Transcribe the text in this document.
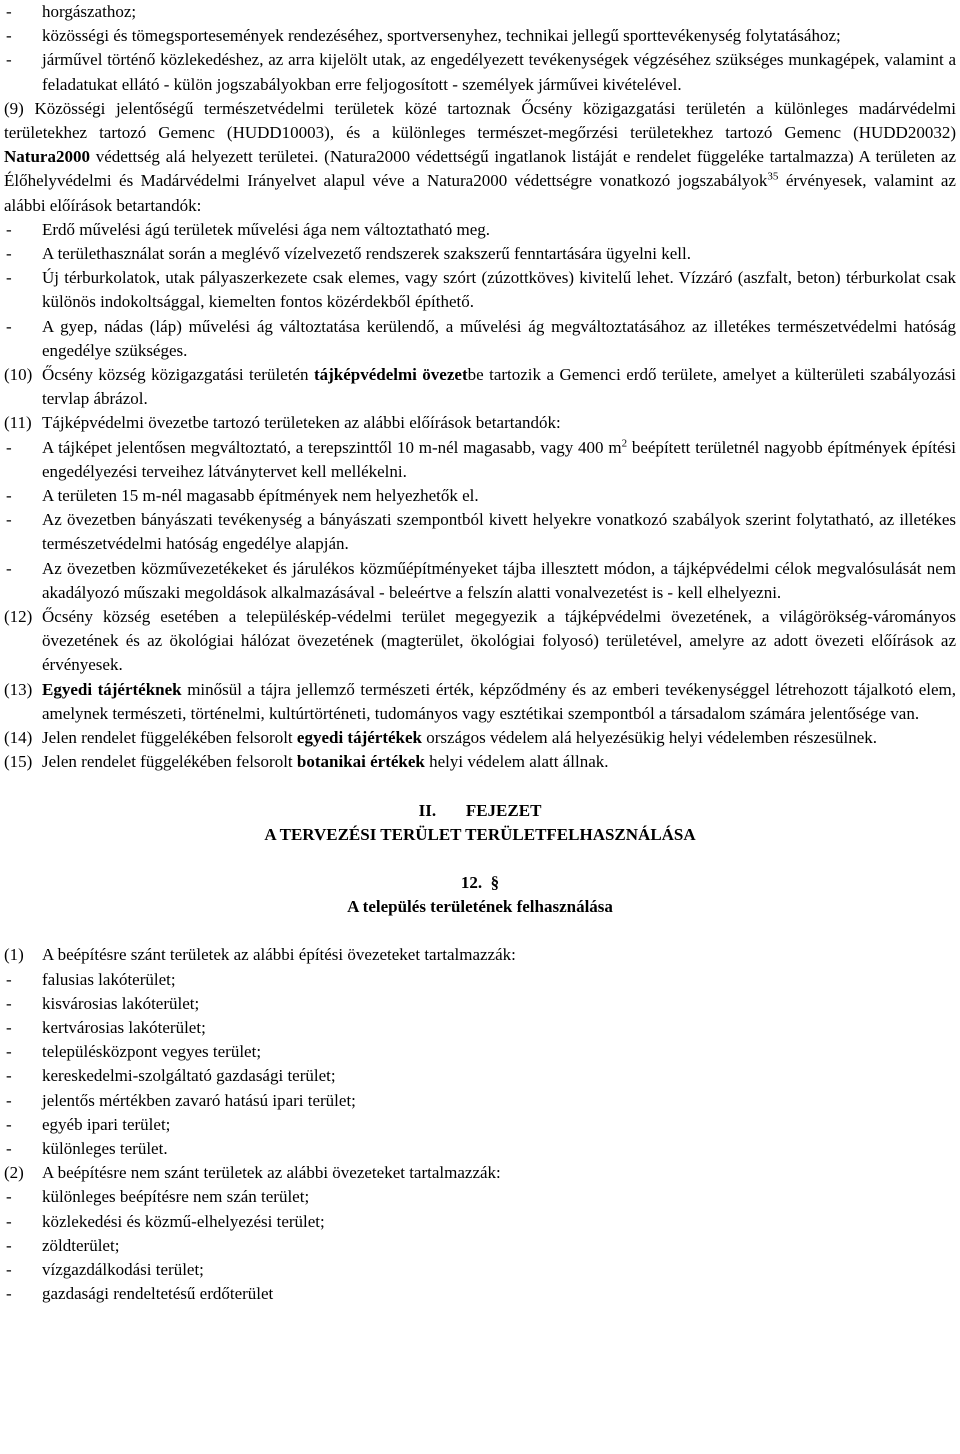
-	horgászathoz;
-	közösségi és tömegsportesemények rendezéséhez, sportversenyhez, technikai jellegű sporttevékenység folytatásához;
-	járművel történő közlekedéshez, az arra kijelölt utak, az engedélyezett tevékenységek végzéséhez szükséges munkagépek, valamint a feladatukat ellátó - külön jogszabályokban erre feljogosított - személyek járművei kivételével.
(9) Közösségi jelentőségű természetvédelmi területek közé tartoznak Őcsény közigazgatási területén a különleges madárvédelmi területekhez tartozó Gemenc (HUDD10003), és a különleges természet-megőrzési területekhez tartozó Gemenc (HUDD20032) Natura2000 védettség alá helyezett területei. (Natura2000 védettségű ingatlanok listáját e rendelet függeléke tartalmazza) A területen az Élőhelyvédelmi és Madárvédelmi Irányelvet alapul véve a Natura2000 védettségre vonatkozó jogszabályok$^{35}$ érvényesek, valamint az alábbi előírások betartandók:
-	Erdő művelési ágú területek művelési ága nem változtatható meg.
-	A területhasználat során a meglévő vízelvezető rendszerek szakszerű fenntartására ügyelni kell.
-	Új térburkolatok, utak pályaszerkezete csak elemes, vagy szórt (zúzottköves) kivitelű lehet. Vízzáró (aszfalt, beton) térburkolat csak különös indokoltsággal, kiemelten fontos közérdekből építhető.
-	A gyep, nádas (láp) művelési ág változtatása kerülendő, a művelési ág megváltoztatásához az illetékes természetvédelmi hatóság engedélye szükséges.
(10) Őcsény község közigazgatási területén tájképvédelmi övezetbe tartozik a Gemenci erdő területe, amelyet a külterületi szabályozási tervlap ábrázol.
(11) Tájképvédelmi övezetbe tartozó területeken az alábbi előírások betartandók:
-	A tájképet jelentősen megváltoztató, a terepszinttől 10 m-nél magasabb, vagy 400 $m^2$ beépített területnél nagyobb építmények építési engedélyezési terveihez látványtervet kell mellékelni.
-	A területen 15 m-nél magasabb építmények nem helyezhetők el.
-	Az övezetben bányászati tevékenység a bányászati szempontból kivett helyekre vonatkozó szabályok szerint folytatható, az illetékes természetvédelmi hatóság engedélye alapján.
-	Az övezetben közművezetékeket és járulékos közműépítményeket tájba illesztett módon, a tájképvédelmi célok megvalósulását nem akadályozó műszaki megoldások alkalmazásával - beleértve a felszín alatti vonalvezetést is - kell elhelyezni.
(12) Őcsény község esetében a településkép-védelmi terület megegyezik a tájképvédelmi övezetének, a világörökség-várományos övezetének és az ökológiai hálózat övezetének (magterület, ökológiai folyosó) területével, amelyre az adott övezeti előírások az érvényesek.
(13) Egyedi tájértéknek minősül a tájra jellemző természeti érték, képződmény és az emberi tevékenységgel létrehozott tájalkotó elem, amelynek természeti, történelmi, kultúrtörténeti, tudományos vagy esztétikai szempontból a társadalom számára jelentősége van.
(14) Jelen rendelet függelékében felsorolt egyedi tájértékek országos védelem alá helyezésükig helyi védelemben részesülnek.
(15) Jelen rendelet függelékében felsorolt botanikai értékek helyi védelem alatt állnak.
II.       FEJEZET
A TERVEZÉSI TERÜLET TERÜLETFELHASZNÁLÁSA
12.  §
A település területének felhasználása
(1)	A beépítésre szánt területek az alábbi építési övezeteket tartalmazzák:
-	falusias lakóterület;
-	kisvárosias lakóterület;
-	kertvárosias lakóterület;
-	településközpont vegyes terület;
-	kereskedelmi-szolgáltató gazdasági terület;
-	jelentős mértékben zavaró hatású ipari terület;
-	egyéb ipari terület;
-	különleges terület.
(2)	A beépítésre nem szánt területek az alábbi övezeteket tartalmazzák:
-	különleges beépítésre nem szán terület;
-	közlekedési és közmű-elhelyezési terület;
-	zöldterület;
-	vízgazdálkodási terület;
-	gazdasági rendeltetésű erdőterület
